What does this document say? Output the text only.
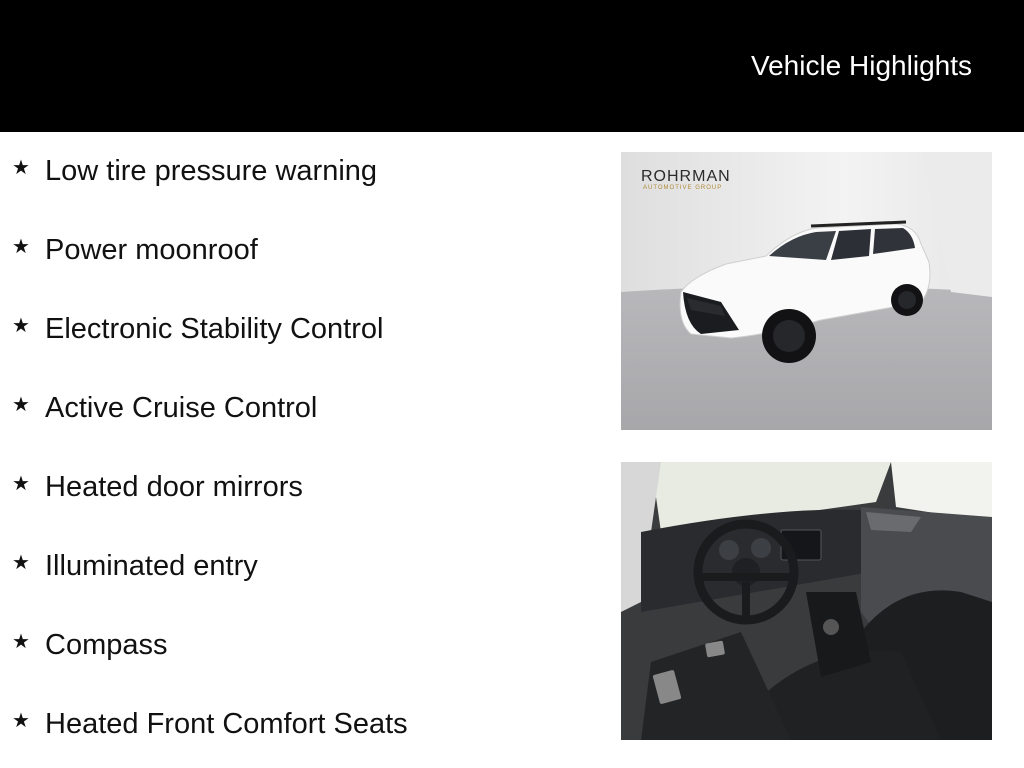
Vehicle Highlights
★ Low tire pressure warning
★ Power moonroof
★ Electronic Stability Control
★ Active Cruise Control
★ Heated door mirrors
★ Illuminated entry
★ Compass
★ Heated Front Comfort Seats
ROHRMAN
AUTOMOTIVE GROUP
